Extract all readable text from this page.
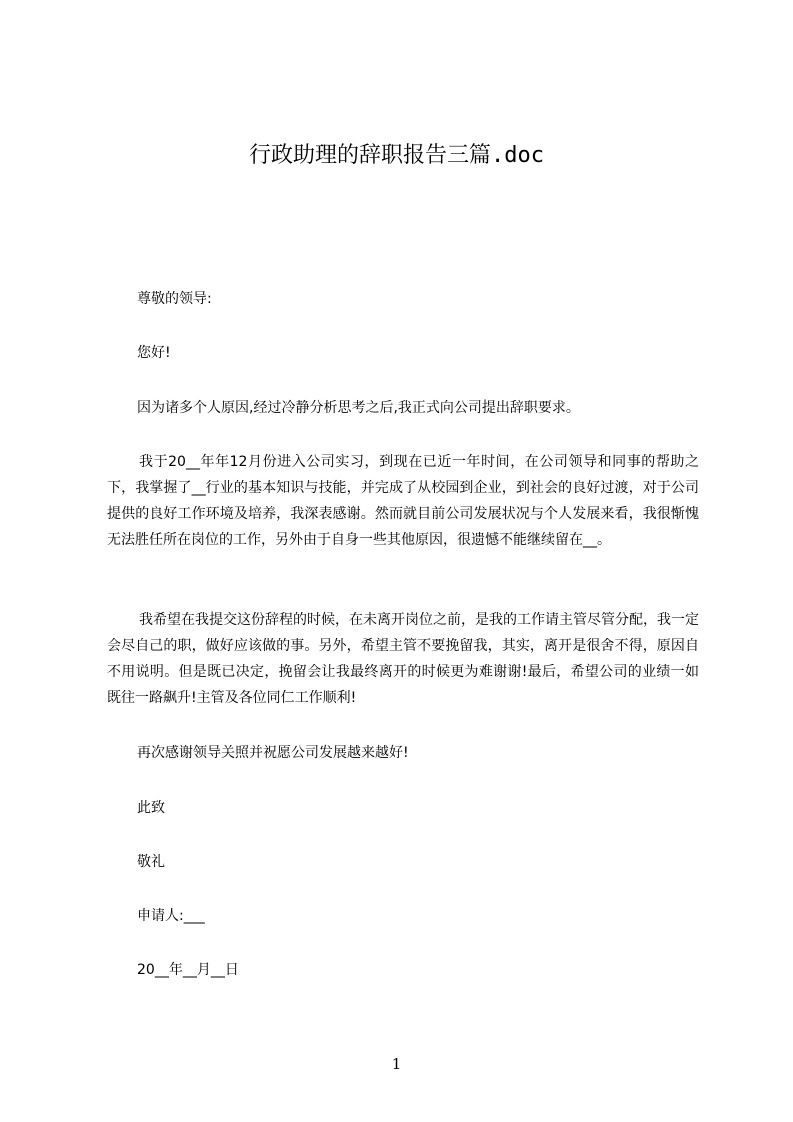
行政助理的辞职报告三篇.doc
尊敬的领导:
您好!
因为诸多个人原因,经过冷静分析思考之后,我正式向公司提出辞职要求。
我于20__年年12月份进入公司实习，到现在已近一年时间，在公司领导和同事的帮助之下，我掌握了__行业的基本知识与技能，并完成了从校园到企业，到社会的良好过渡，对于公司提供的良好工作环境及培养，我深表感谢。然而就目前公司发展状况与个人发展来看，我很惭愧无法胜任所在岗位的工作，另外由于自身一些其他原因，很遗憾不能继续留在__。
我希望在我提交这份辞程的时候，在未离开岗位之前，是我的工作请主管尽管分配，我一定会尽自己的职，做好应该做的事。另外，希望主管不要挽留我，其实，离开是很舍不得，原因自不用说明。但是既已决定，挽留会让我最终离开的时候更为难谢谢!最后，希望公司的业绩一如既往一路飙升!主管及各位同仁工作顺利!
再次感谢领导关照并祝愿公司发展越来越好!
此致
敬礼
申请人:___
20__年__月__日
1
